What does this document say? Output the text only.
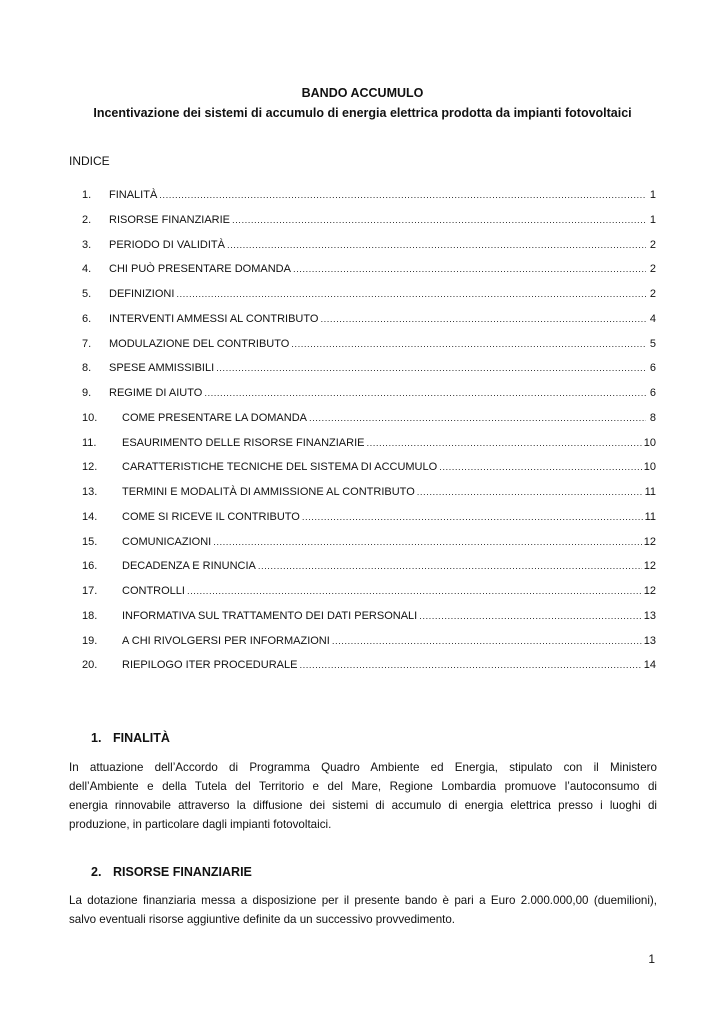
BANDO ACCUMULO
Incentivazione dei sistemi di accumulo di energia elettrica prodotta da impianti fotovoltaici
INDICE
1.	FINALITÀ .....	1
2.	RISORSE FINANZIARIE .....	1
3.	PERIODO DI VALIDITÀ .....	2
4.	CHI PUÒ PRESENTARE DOMANDA .....	2
5.	DEFINIZIONI .....	2
6.	INTERVENTI AMMESSI AL CONTRIBUTO .....	4
7.	MODULAZIONE DEL CONTRIBUTO .....	5
8.	SPESE AMMISSIBILI .....	6
9.	REGIME DI AIUTO .....	6
10.	COME PRESENTARE LA DOMANDA .....	8
11.	ESAURIMENTO DELLE RISORSE FINANZIARIE .....	10
12.	CARATTERISTICHE TECNICHE DEL SISTEMA DI ACCUMULO .....	10
13.	TERMINI E MODALITÀ DI AMMISSIONE AL CONTRIBUTO .....	11
14.	COME SI RICEVE IL CONTRIBUTO .....	11
15.	COMUNICAZIONI .....	12
16.	DECADENZA E RINUNCIA .....	12
17.	CONTROLLI .....	12
18.	INFORMATIVA SUL TRATTAMENTO DEI DATI PERSONALI .....	13
19.	A CHI RIVOLGERSI PER INFORMAZIONI .....	13
20.	RIEPILOGO ITER PROCEDURALE .....	14
1. FINALITÀ
In attuazione dell’Accordo di Programma Quadro Ambiente ed Energia, stipulato con il Ministero
dell’Ambiente e della Tutela del Territorio e del Mare, Regione Lombardia promuove l’autoconsumo di
energia rinnovabile attraverso la diffusione dei sistemi di accumulo di energia elettrica presso i luoghi di
produzione, in particolare dagli impianti fotovoltaici.
2. RISORSE FINANZIARIE
La dotazione finanziaria messa a disposizione per il presente bando è pari a Euro 2.000.000,00 (duemilioni),
salvo eventuali risorse aggiuntive definite da un successivo provvedimento.
1
